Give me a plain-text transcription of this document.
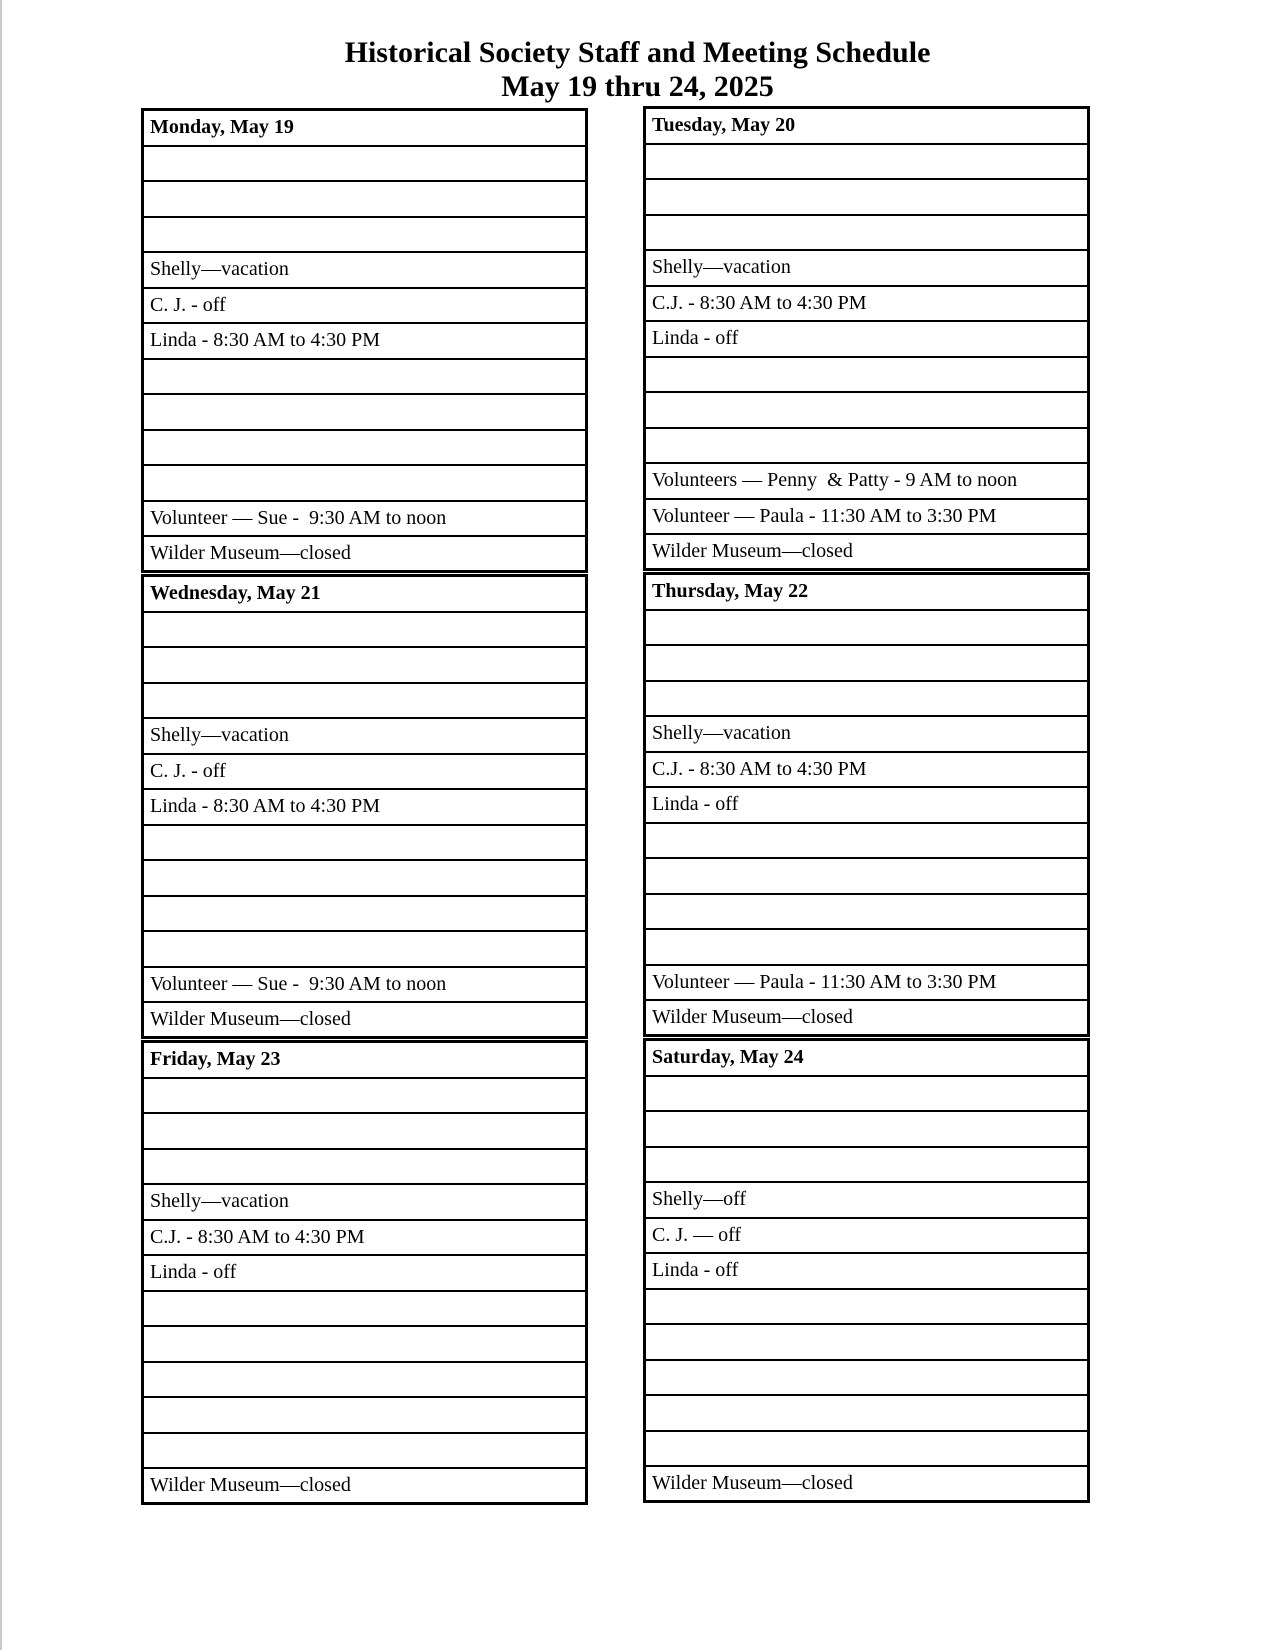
Historical Society Staff and Meeting Schedule
May 19 thru 24, 2025
Monday, May 19
Shelly—vacation
C. J. - off
Linda - 8:30 AM to 4:30 PM
Volunteer — Sue -  9:30 AM to noon
Wilder Museum—closed
Tuesday, May 20
Shelly—vacation
C.J. - 8:30 AM to 4:30 PM
Linda - off
Volunteers — Penny  & Patty - 9 AM to noon
Volunteer — Paula - 11:30 AM to 3:30 PM
Wilder Museum—closed
Wednesday, May 21
Shelly—vacation
C. J. - off
Linda - 8:30 AM to 4:30 PM
Volunteer — Sue -  9:30 AM to noon
Wilder Museum—closed
Thursday, May 22
Shelly—vacation
C.J. - 8:30 AM to 4:30 PM
Linda - off
Volunteer — Paula - 11:30 AM to 3:30 PM
Wilder Museum—closed
Friday, May 23
Shelly—vacation
C.J. - 8:30 AM to 4:30 PM
Linda - off
Wilder Museum—closed
Saturday, May 24
Shelly—off
C. J. — off
Linda - off
Wilder Museum—closed
